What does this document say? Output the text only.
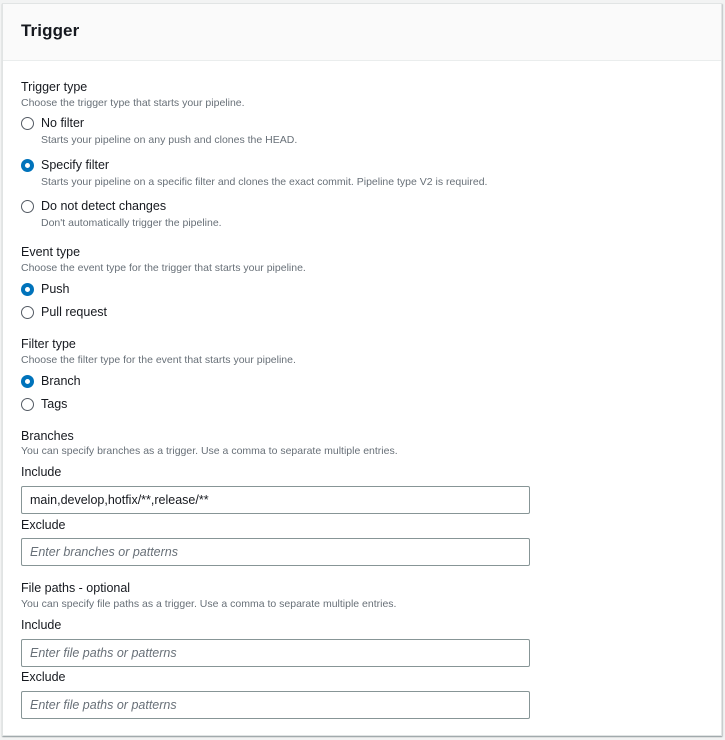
Trigger
Trigger type
Choose the trigger type that starts your pipeline.
No filter
Starts your pipeline on any push and clones the HEAD.
Specify filter
Starts your pipeline on a specific filter and clones the exact commit. Pipeline type V2 is required.
Do not detect changes
Don't automatically trigger the pipeline.
Event type
Choose the event type for the trigger that starts your pipeline.
Push
Pull request
Filter type
Choose the filter type for the event that starts your pipeline.
Branch
Tags
Branches
You can specify branches as a trigger. Use a comma to separate multiple entries.
Include
main,develop,hotfix/**,release/**
Exclude
Enter branches or patterns
File paths - optional
You can specify file paths as a trigger. Use a comma to separate multiple entries.
Include
Enter file paths or patterns
Exclude
Enter file paths or patterns
